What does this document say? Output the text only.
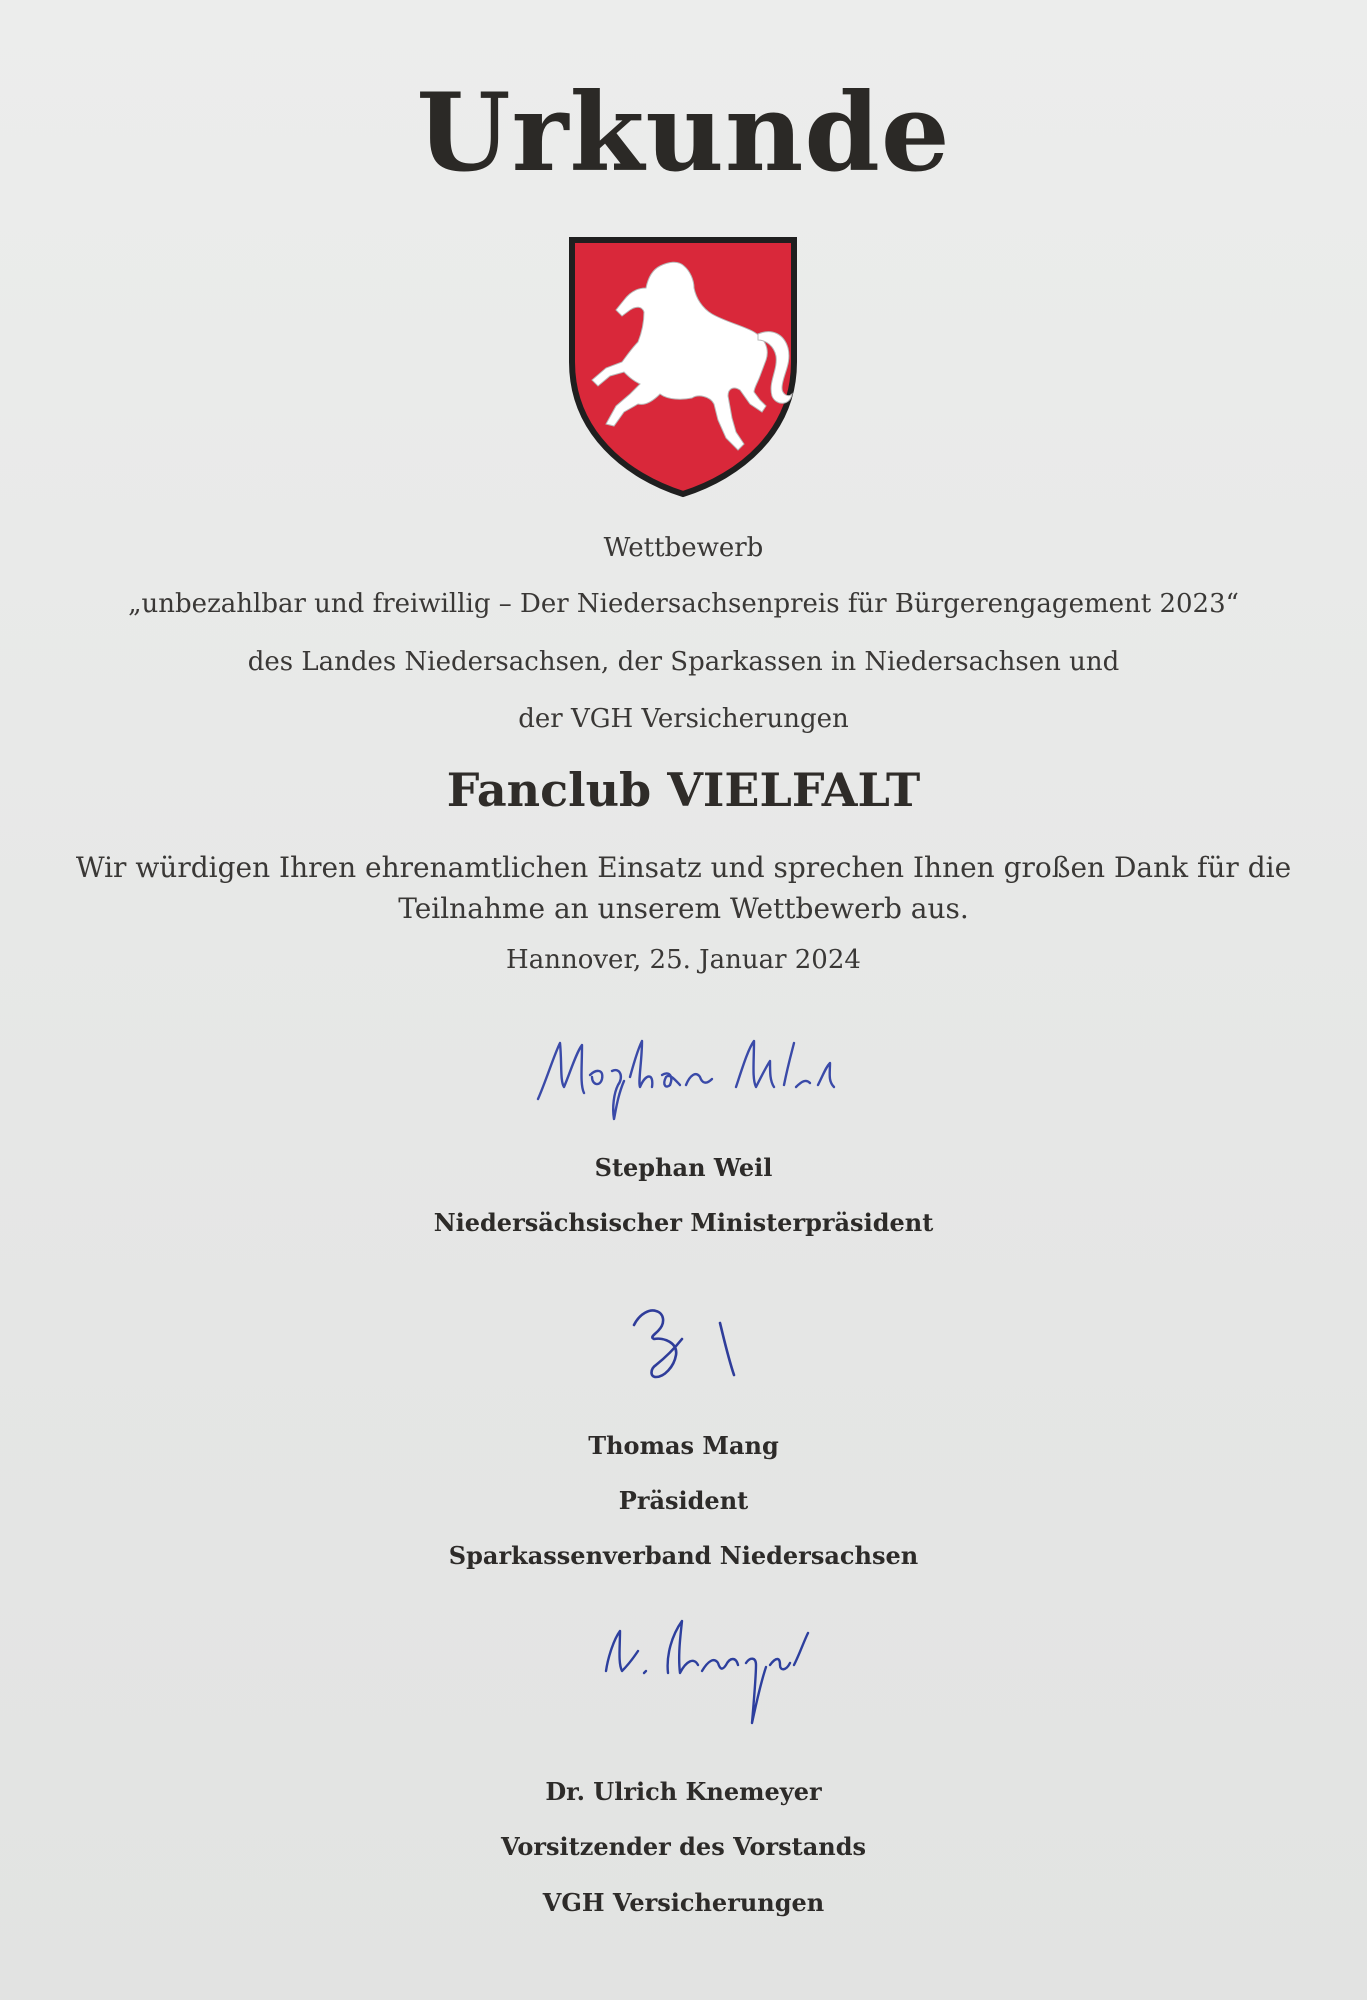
Urkunde
Wettbewerb
„unbezahlbar und freiwillig – Der Niedersachsenpreis für Bürgerengagement 2023“
des Landes Niedersachsen, der Sparkassen in Niedersachsen und
der VGH Versicherungen
Fanclub VIELFALT
Wir würdigen Ihren ehrenamtlichen Einsatz und sprechen Ihnen großen Dank für die
Teilnahme an unserem Wettbewerb aus.
Hannover, 25. Januar 2024
Stephan Weil
Niedersächsischer Ministerpräsident
Thomas Mang
Präsident
Sparkassenverband Niedersachsen
Dr. Ulrich Knemeyer
Vorsitzender des Vorstands
VGH Versicherungen
